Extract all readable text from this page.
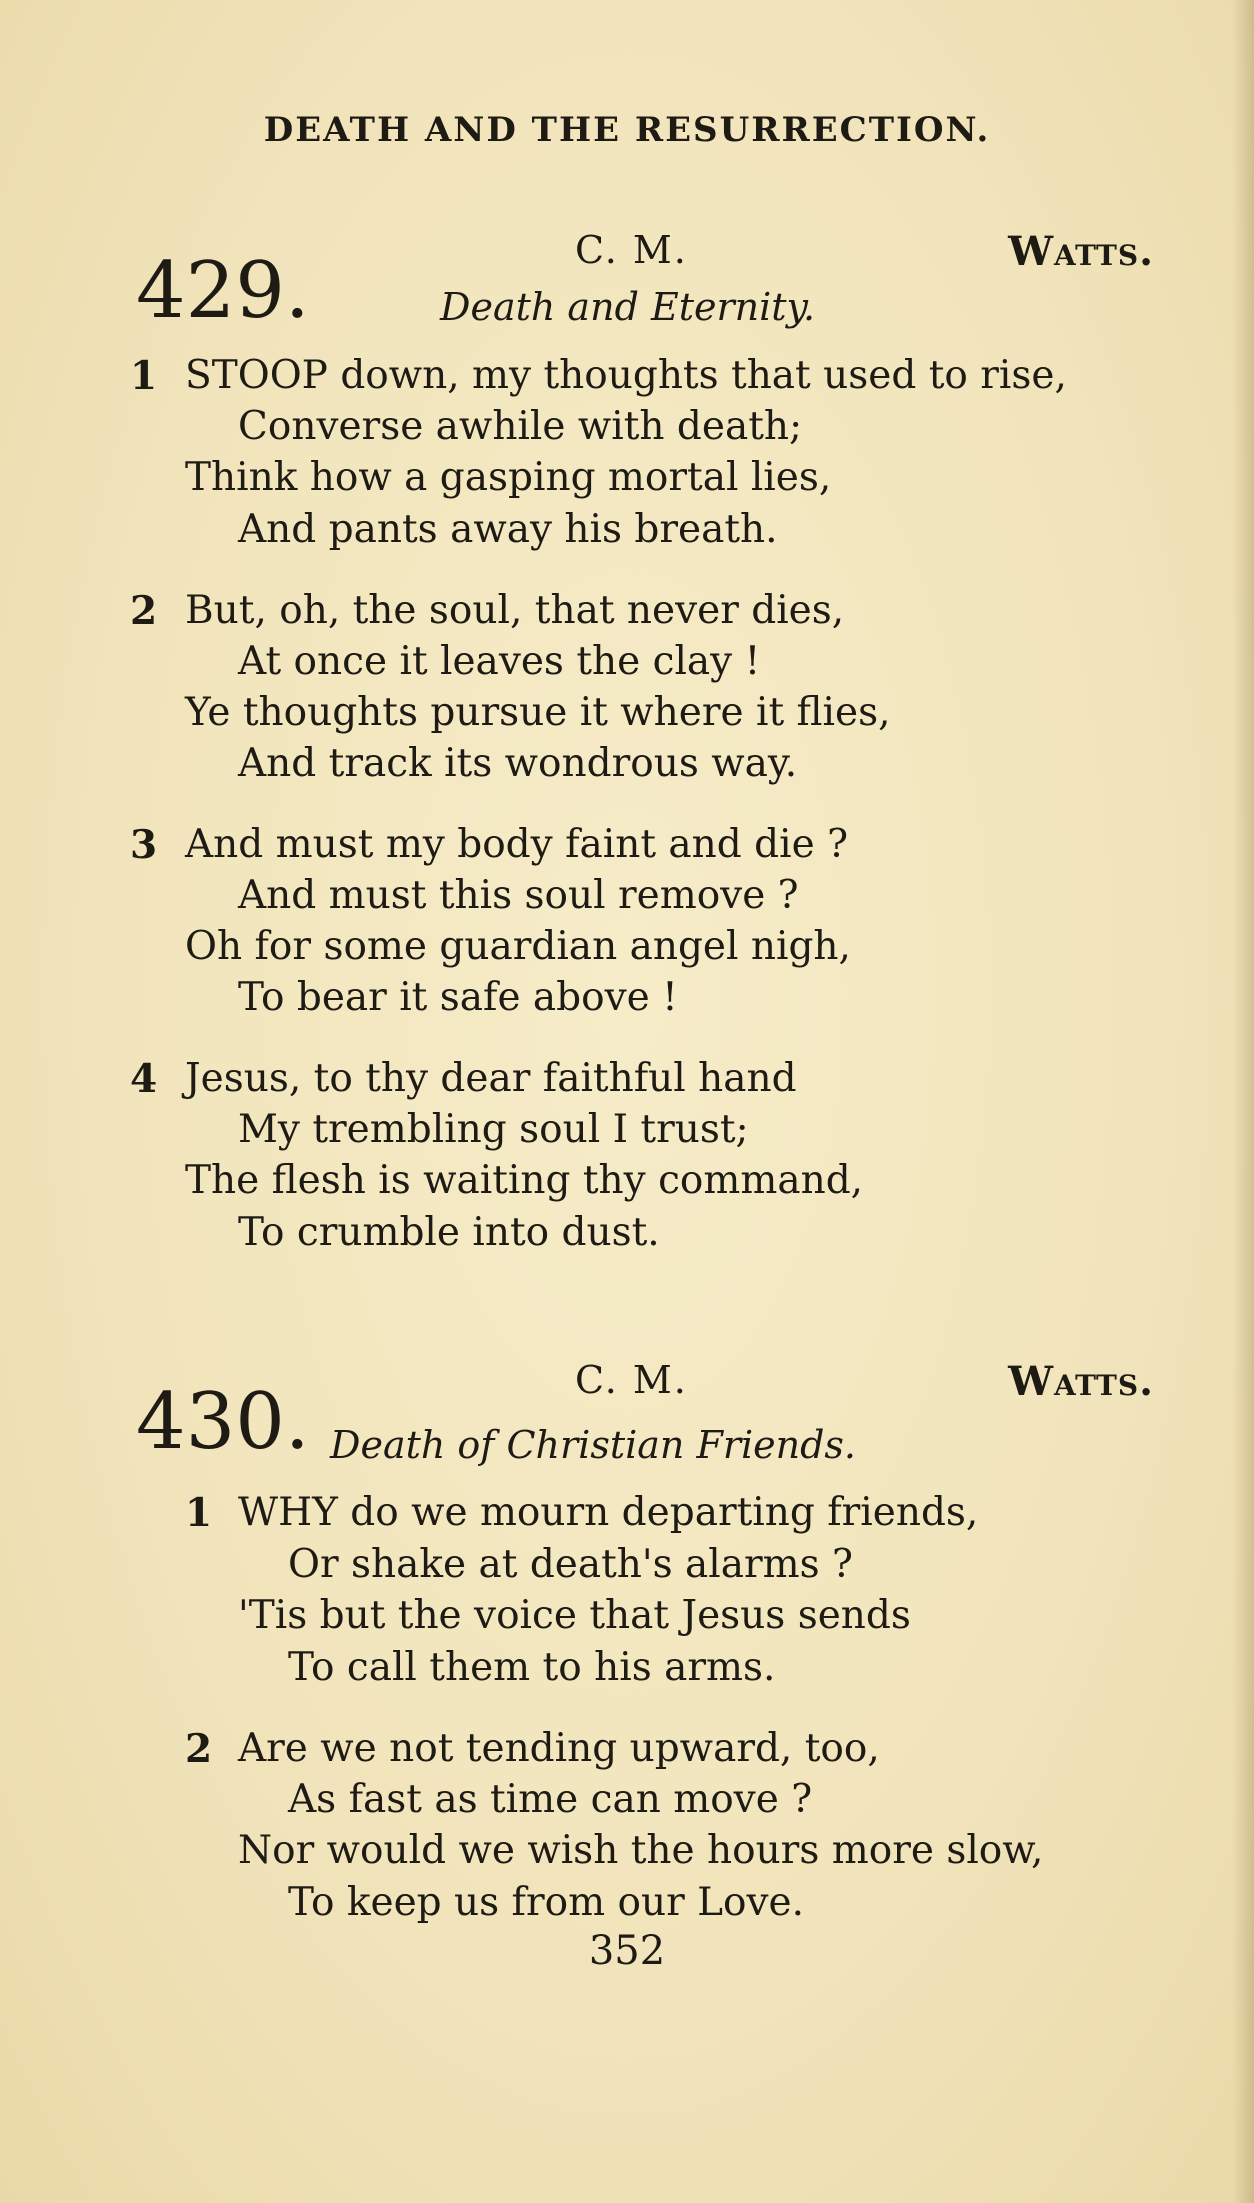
DEATH AND THE RESURRECTION.
429.	C. M.	Watts.
Death and Eternity.
1 STOOP down, my thoughts that used to rise,
Converse awhile with death;
Think how a gasping mortal lies,
And pants away his breath.
2 But, oh, the soul, that never dies,
At once it leaves the clay !
Ye thoughts pursue it where it flies,
And track its wondrous way.
3 And must my body faint and die ?
And must this soul remove ?
Oh for some guardian angel nigh,
To bear it safe above !
4 Jesus, to thy dear faithful hand
My trembling soul I trust;
The flesh is waiting thy command,
To crumble into dust.
430.	C. M.	Watts.
Death of Christian Friends.
1 WHY do we mourn departing friends,
Or shake at death's alarms ?
'Tis but the voice that Jesus sends
To call them to his arms.
2 Are we not tending upward, too,
As fast as time can move ?
Nor would we wish the hours more slow,
To keep us from our Love.
352
